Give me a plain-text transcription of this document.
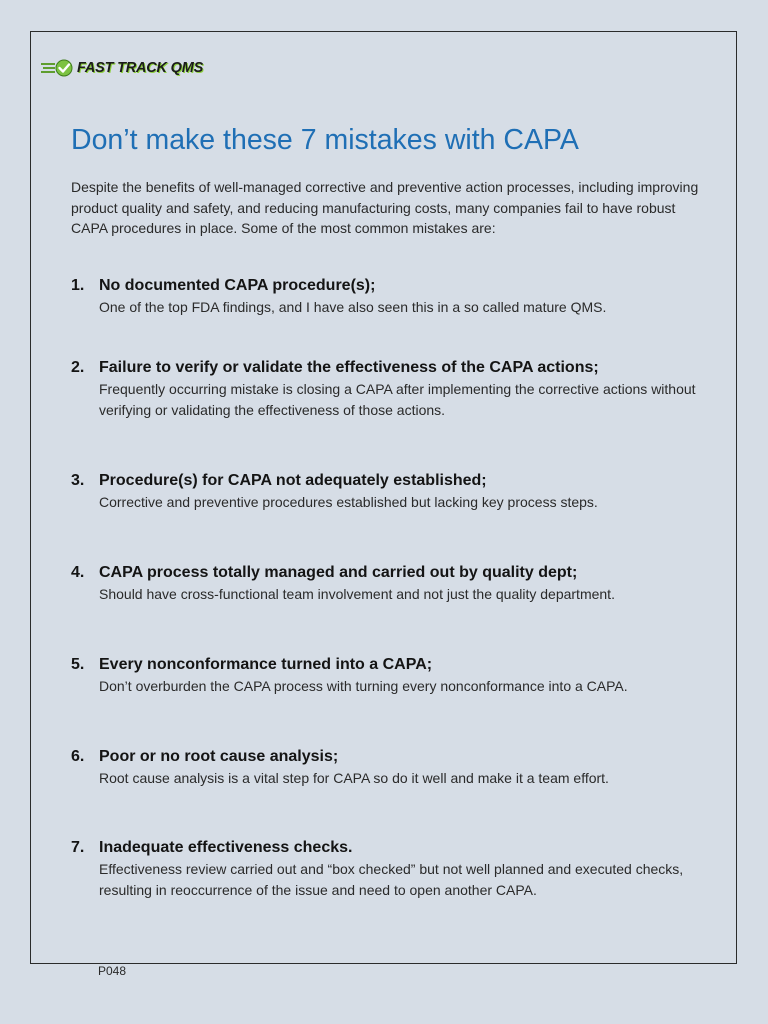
FAST TRACK QMS
Don’t make these 7 mistakes with CAPA

Despite the benefits of well-managed corrective and preventive action processes, including improving product quality and safety, and reducing manufacturing costs, many companies fail to have robust CAPA procedures in place. Some of the most common mistakes are:

1. No documented CAPA procedure(s);
One of the top FDA findings, and I have also seen this in a so called mature QMS.
2. Failure to verify or validate the effectiveness of the CAPA actions;
Frequently occurring mistake is closing a CAPA after implementing the corrective actions without verifying or validating the effectiveness of those actions.
3. Procedure(s) for CAPA not adequately established;
Corrective and preventive procedures established but lacking key process steps.
4. CAPA process totally managed and carried out by quality dept;
Should have cross-functional team involvement and not just the quality department.
5. Every nonconformance turned into a CAPA;
Don’t overburden the CAPA process with turning every nonconformance into a CAPA.
6. Poor or no root cause analysis;
Root cause analysis is a vital step for CAPA so do it well and make it a team effort.
7. Inadequate effectiveness checks.
Effectiveness review carried out and “box checked” but not well planned and executed checks, resulting in reoccurrence of the issue and need to open another CAPA.

P048
